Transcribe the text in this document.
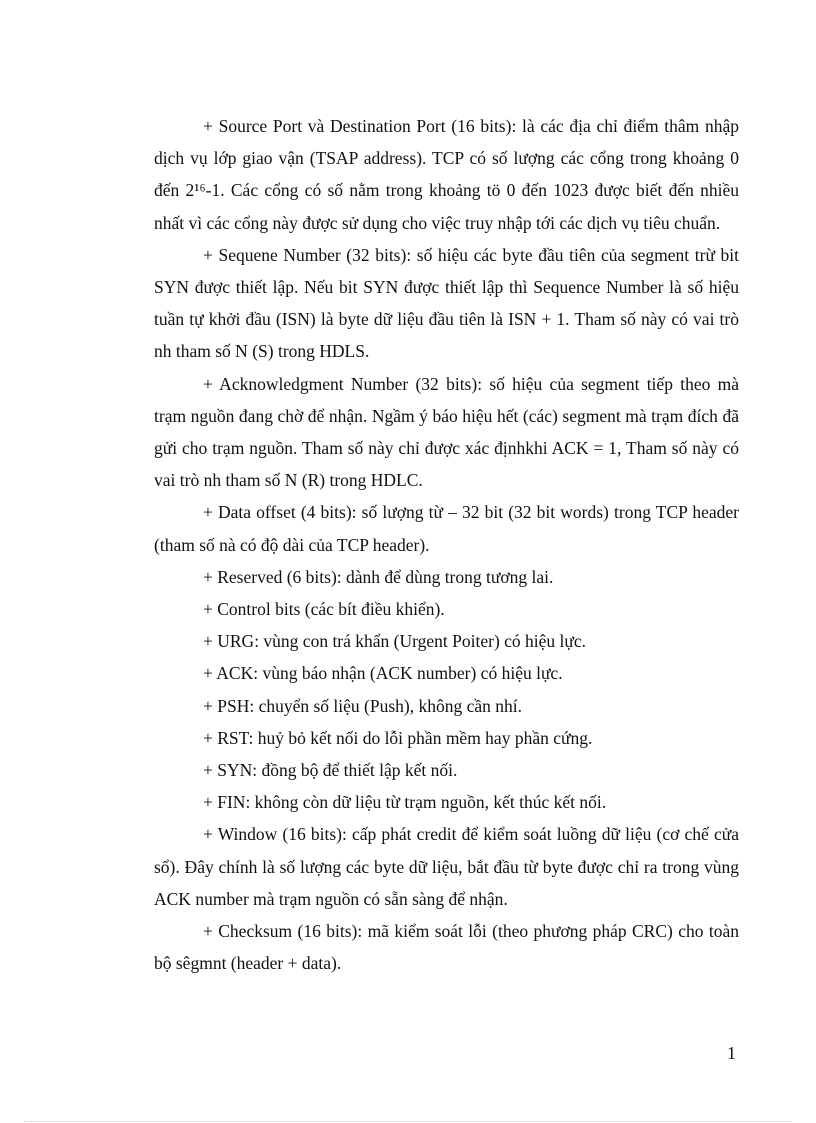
+ Source Port và Destination Port (16 bits): là các địa chỉ điểm thâm nhập dịch vụ lớp giao vận (TSAP address). TCP có số lượng các cổng trong khoảng 0 đến 2¹⁶-1. Các cổng có số nằm trong khoảng tö 0 đến 1023 được biết đến nhiều nhất vì các cổng này được sử dụng cho việc truy nhập tới các dịch vụ tiêu chuẩn.

+ Sequene Number (32 bits): số hiệu các byte đầu tiên của segment trừ bit SYN được thiết lập. Nếu bit SYN được thiết lập thì Sequence Number là số hiệu tuần tự khởi đầu (ISN) là byte dữ liệu đầu tiên là ISN + 1. Tham số này có vai trò nh tham số N (S) trong HDLS.

+ Acknowledgment Number (32 bits): số hiệu của segment tiếp theo mà trạm nguồn đang chờ để nhận. Ngầm ý báo hiệu hết (các) segment mà trạm đích đã gửi cho trạm nguồn. Tham số này chỉ được xác địnhkhi ACK = 1, Tham số này có vai trò nh tham số N (R) trong HDLC.

+ Data offset (4 bits): số lượng từ – 32 bit (32 bit words) trong TCP header (tham số nà có độ dài của TCP header).

+ Reserved (6 bits): dành để dùng trong tương lai.

+ Control bits (các bít điều khiển).

+ URG: vùng con trá khẩn (Urgent Poiter) có hiệu lực.

+ ACK: vùng báo nhận (ACK number) có hiệu lực.

+ PSH: chuyển số liệu (Push), không cần nhí.

+ RST: huỷ bỏ kết nối do lỗi phần mềm hay phần cứng.

+ SYN: đồng bộ để thiết lập kết nối.

+ FIN: không còn dữ liệu từ trạm nguồn, kết thúc kết nối.

+ Window (16 bits): cấp phát credit để kiểm soát luồng dữ liệu (cơ chế cửa sổ). Đây chính là số lượng các byte dữ liệu, bắt đầu từ byte được chỉ ra trong vùng ACK number mà trạm nguồn có sẵn sàng để nhận.

+ Checksum (16 bits): mã kiểm soát lỗi (theo phương pháp CRC) cho toàn bộ sêgmnt (header + data).

1
